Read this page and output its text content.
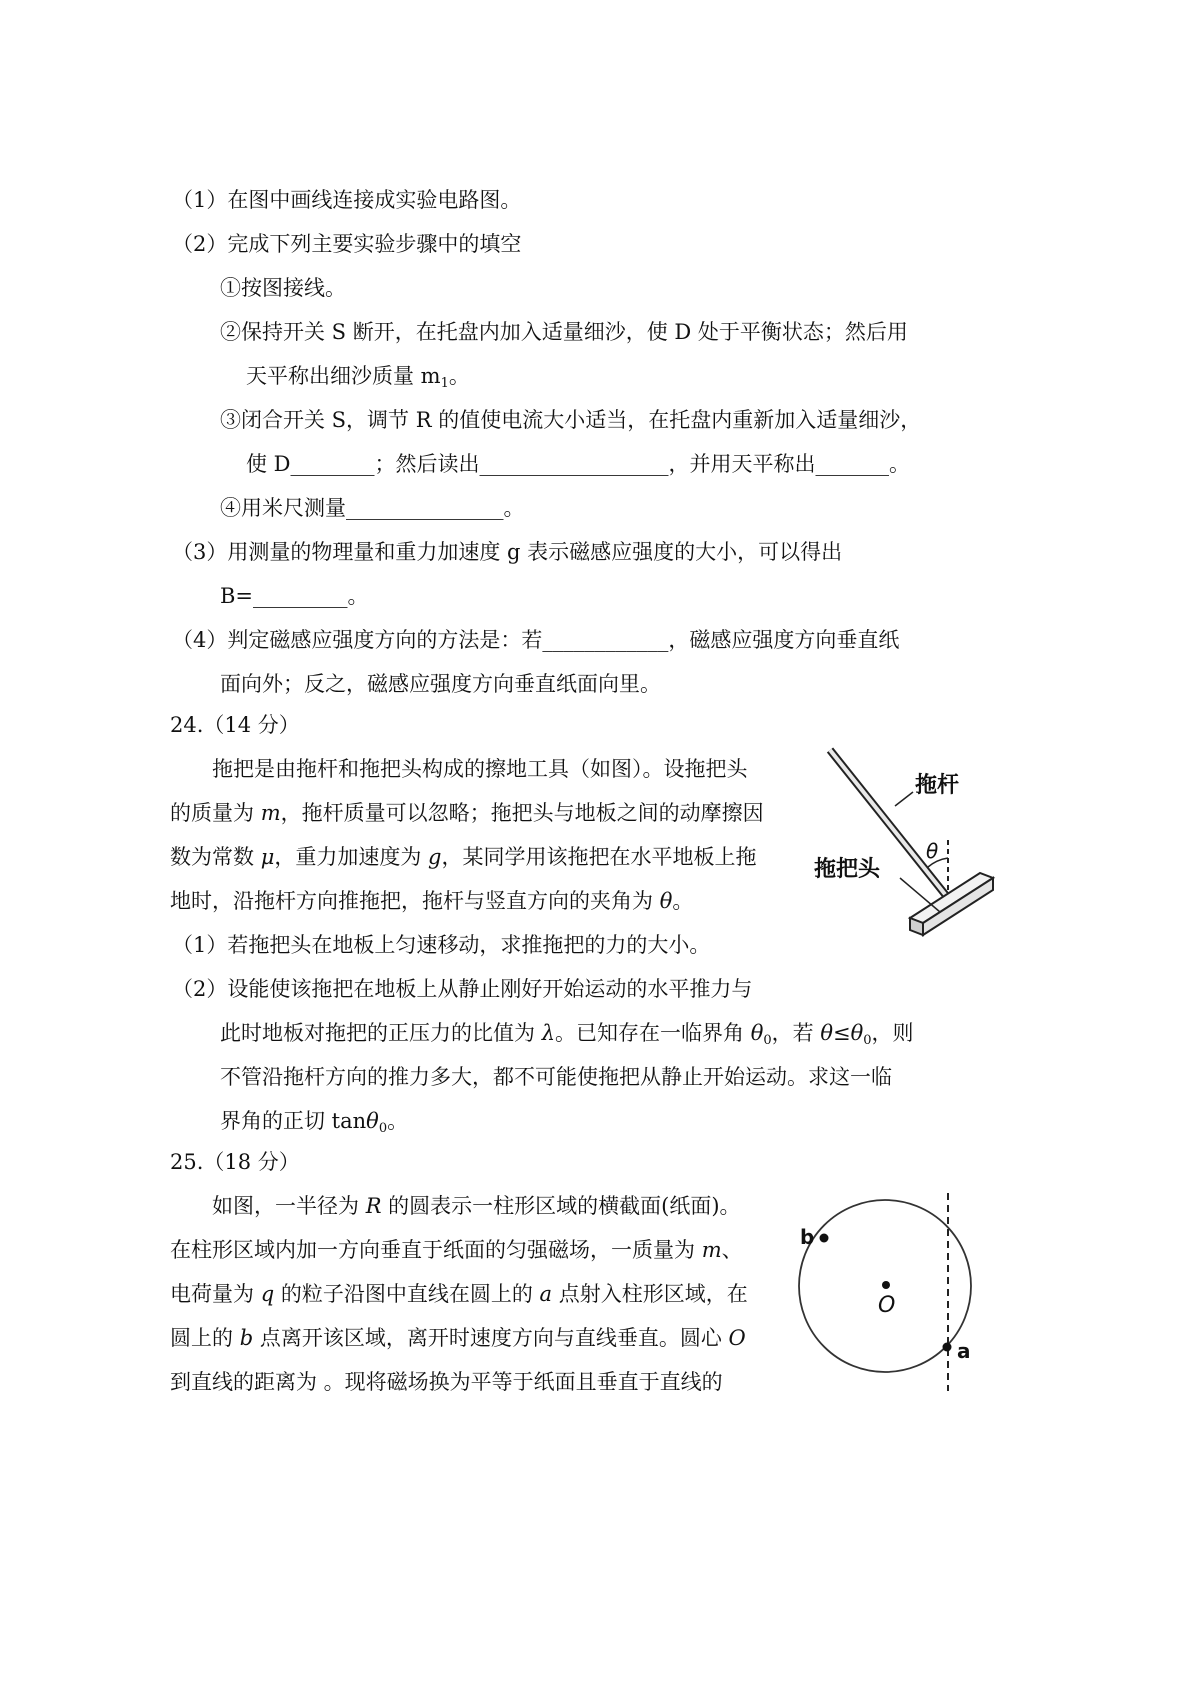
（1）在图中画线连接成实验电路图。
（2）完成下列主要实验步骤中的填空
①按图接线。
②保持开关 S 断开，在托盘内加入适量细沙，使 D 处于平衡状态；然后用
天平称出细沙质量 $m_1$。
③闭合开关 S，调节 R 的值使电流大小适当，在托盘内重新加入适量细沙，
使 D________；然后读出__________________，并用天平称出_______。
④用米尺测量_______________。
（3）用测量的物理量和重力加速度 g 表示磁感应强度的大小，可以得出
B=_________。
（4）判定磁感应强度方向的方法是：若____________，磁感应强度方向垂直纸
面向外；反之，磁感应强度方向垂直纸面向里。
24.（14 分）
拖把是由拖杆和拖把头构成的擦地工具（如图）。设拖把头
的质量为 m，拖杆质量可以忽略；拖把头与地板之间的动摩擦因
数为常数 μ，重力加速度为 g，某同学用该拖把在水平地板上拖
地时，沿拖杆方向推拖把，拖杆与竖直方向的夹角为 θ。
（1）若拖把头在地板上匀速移动，求推拖把的力的大小。
（2）设能使该拖把在地板上从静止刚好开始运动的水平推力与
此时地板对拖把的正压力的比值为 λ。已知存在一临界角 $\theta_0$，若 $\theta\le\theta_0$，则
不管沿拖杆方向的推力多大，都不可能使拖把从静止开始运动。求这一临
界角的正切 tanθ$_0$。
拖杆
拖把头
θ
25.（18 分）
如图，一半径为 R 的圆表示一柱形区域的横截面(纸面)。
在柱形区域内加一方向垂直于纸面的匀强磁场，一质量为 m、
电荷量为 q 的粒子沿图中直线在圆上的 a 点射入柱形区域，在
圆上的 b 点离开该区域，离开时速度方向与直线垂直。圆心 O
到直线的距离为 。现将磁场换为平等于纸面且垂直于直线的
b
O
a
